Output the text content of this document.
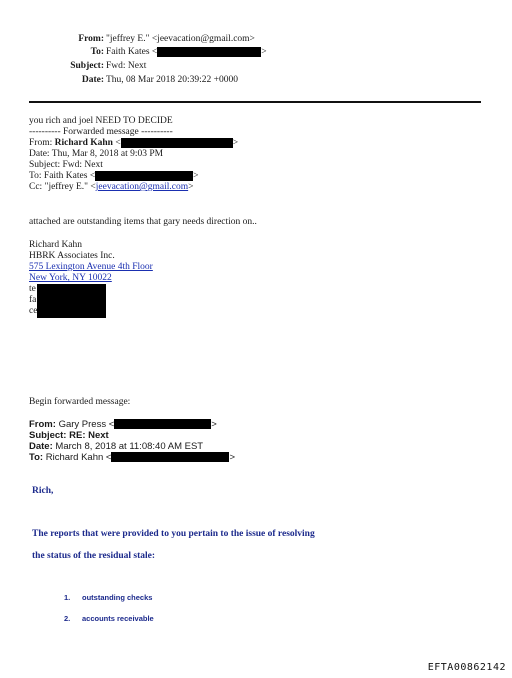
From: "jeffrey E." <jeevacation@gmail.com>
To: Faith Kates <	>
Subject: Fwd: Next
Date: Thu, 08 Mar 2018 20:39:22 +0000
you rich and joel NEED TO DECIDE
---------- Forwarded message ----------
From: Richard Kahn <	>
Date: Thu, Mar 8, 2018 at 9:03 PM
Subject: Fwd: Next
To: Faith Kates <	>
Cc: "jeffrey E." <jeevacation@gmail.com>
attached are outstanding items that gary needs direction on..
Richard Kahn
HBRK Associates Inc.
575 Lexington Avenue 4th Floor
New York, NY 10022
te
fa
ce
Begin forwarded message:
From: Gary Press <	>
Subject: RE: Next
Date: March 8, 2018 at 11:08:40 AM EST
To: Richard Kahn <	>
Rich,
The reports that were provided to you pertain to the issue of resolving
the status of the residual stale:
1. outstanding checks
2. accounts receivable
EFTA00862142
